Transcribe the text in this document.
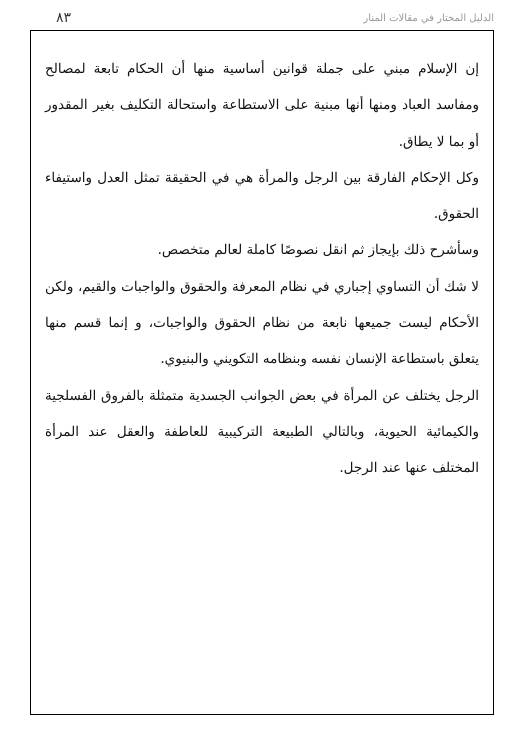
٨٣	الدليل المختار في مقالات المنار

إن الإسلام مبني على جملة قوانين أساسية منها أن الحكام تابعة لمصالح ومفاسد العباد ومنها أنها مبنية على الاستطاعة واستحالة التكليف بغير المقدور أو بما لا يطاق.

وكل الإحكام الفارقة بين الرجل والمرأة هي في الحقيقة تمثل العدل واستيفاء الحقوق.

وسأشرح ذلك بإيجاز ثم انقل نصوصًا كاملة لعالم متخصص.

لا شك أن التساوي إجباري في نظام المعرفة والحقوق والواجبات والقيم، ولكن الأحكام ليست جميعها نابعة من نظام الحقوق والواجبات، و إنما قسم منها يتعلق باستطاعة الإنسان نفسه وبنظامه التكويني والبنيوي.

الرجل يختلف عن المرأة في بعض الجوانب الجسدية متمثلة بالفروق الفسلجية والكيمائية الحيوية، وبالتالي الطبيعة التركيبية للعاطفة والعقل عند المرأة المختلف عنها عند الرجل.
